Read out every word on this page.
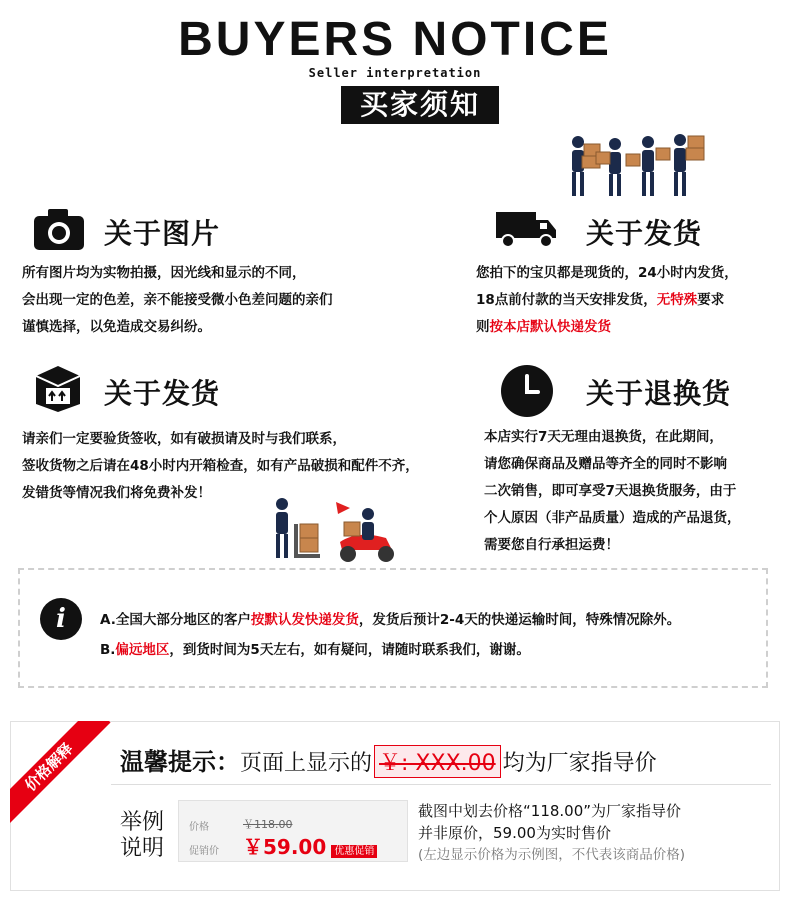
BUYERS NOTICE
Seller interpretation
买家须知
关于图片
所有图片均为实物拍摄，因光线和显示的不同，
会出现一定的色差，亲不能接受微小色差问题的亲们
谨慎选择，以免造成交易纠纷。
关于发货
您拍下的宝贝都是现货的，24小时内发货，
18点前付款的当天安排发货，无特殊要求
则按本店默认快递发货
关于发货
请亲们一定要验货签收，如有破损请及时与我们联系，
签收货物之后请在48小时内开箱检查，如有产品破损和配件不齐，
发错货等情况我们将免费补发！
关于退换货
本店实行7天无理由退换货，在此期间，
请您确保商品及赠品等齐全的同时不影响
二次销售，即可享受7天退换货服务，由于
个人原因（非产品质量）造成的产品退货，
需要您自行承担运费！
i	A.全国大部分地区的客户按默认发快递发货，发货后预计2-4天的快递运输时间，特殊情况除外。
B.偏远地区，到货时间为5天左右，如有疑问，请随时联系我们，谢谢。
价格解释	温馨提示：页面上显示的 ￥: XXX.00 均为厂家指导价
举例
说明
价格	￥118.00
促销价 ￥59.00 优惠促销
截图中划去价格“118.00”为厂家指导价
并非原价，59.00为实时售价
(左边显示价格为示例图，不代表该商品价格)
